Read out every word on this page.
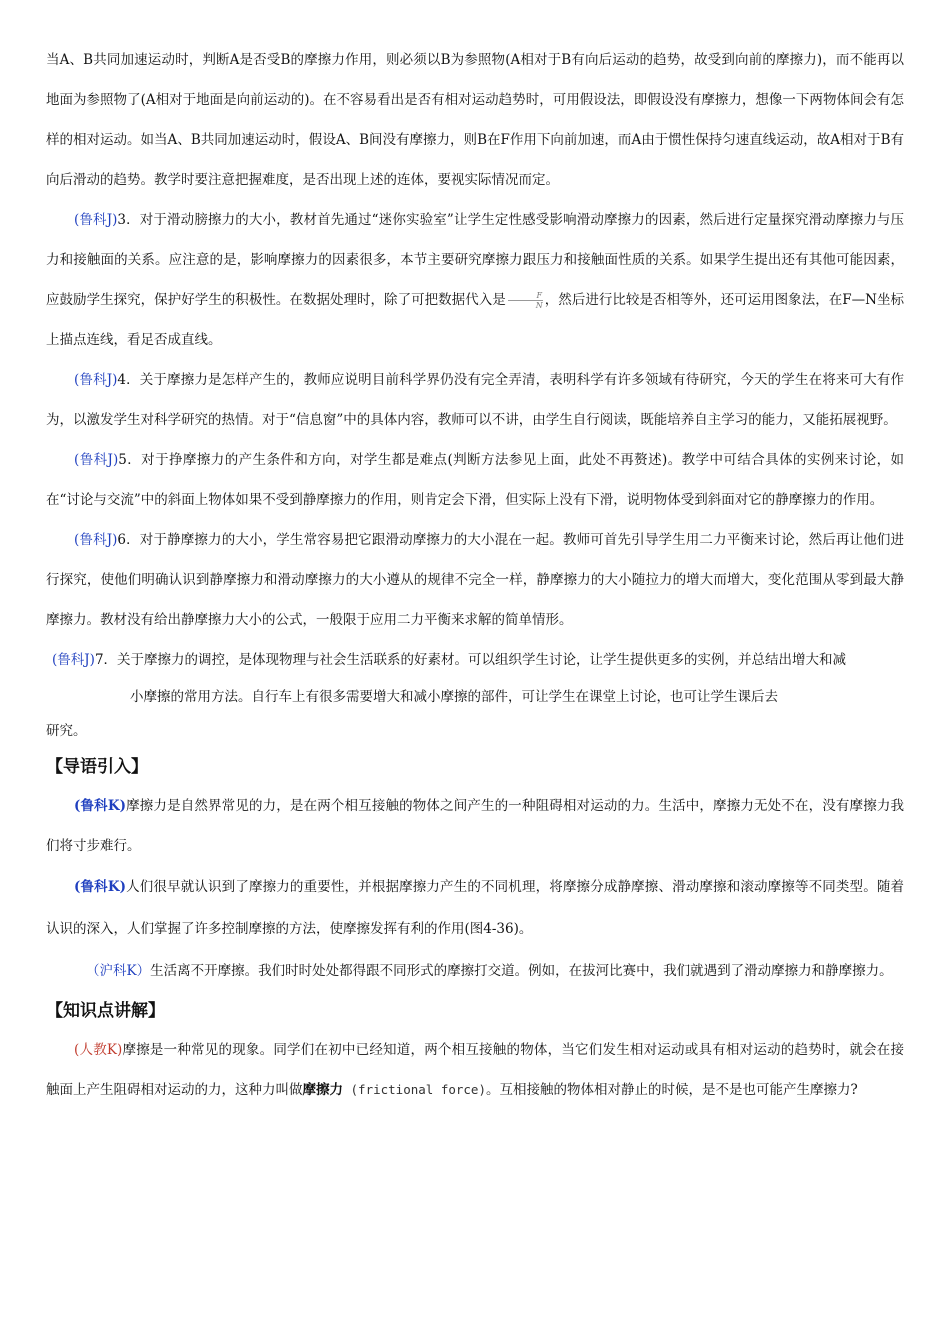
当A、B共同加速运动时，判断A是否受B的摩擦力作用，则必须以B为参照物(A相对于B有向后运动的趋势，故受到向前的摩擦力)，而不能再以地面为参照物了(A相对于地面是向前运动的)。在不容易看出是否有相对运动趋势时，可用假设法，即假设没有摩擦力，想像一下两物体间会有怎样的相对运动。如当A、B共同加速运动时，假设A、B间没有摩擦力，则B在F作用下向前加速，而A由于惯性保持匀速直线运动，故A相对于B有向后滑动的趋势。教学时要注意把握难度，是否出现上述的连体，要视实际情况而定。

(鲁科J)3．对于滑动膀擦力的大小，教材首先通过“迷你实验室”让学生定性感受影响滑动摩擦力的因素，然后进行定量探究滑动摩擦力与压力和接触面的关系。应注意的是，影响摩擦力的因素很多，本节主要研究摩擦力跟压力和接触面性质的关系。如果学生提出还有其他可能因素，应鼓励学生探究，保护好学生的积极性。在数据处理时，除了可把数据代入是 $\frac{F}{N}$ ，然后进行比较是否相等外，还可运用图象法，在F—N坐标上描点连线，看足否成直线。

(鲁科J)4．关于摩擦力是怎样产生的，教师应说明目前科学界仍没有完全弄清，表明科学有许多领域有待研究，今天的学生在将来可大有作为，以激发学生对科学研究的热情。对于“信息窗”中的具体内容，教师可以不讲，由学生自行阅读，既能培养自主学习的能力，又能拓展视野。

(鲁科J)5．对于挣摩擦力的产生条件和方向，对学生都是难点(判断方法参见上面，此处不再赘述)。教学中可结合具体的实例来讨论，如在“讨论与交流”中的斜面上物体如果不受到静摩擦力的作用，则肯定会下滑，但实际上没有下滑，说明物体受到斜面对它的静摩擦力的作用。

(鲁科J)6．对于静摩擦力的大小，学生常容易把它跟滑动摩擦力的大小混在一起。教师可首先引导学生用二力平衡来讨论，然后再让他们进行探究，使他们明确认识到静摩擦力和滑动摩擦力的大小遵从的规律不完全一样，静摩擦力的大小随拉力的增大而增大，变化范围从零到最大静摩擦力。教材没有给出静摩擦力大小的公式，一般限于应用二力平衡来求解的简单情形。

(鲁科J)7．关于摩擦力的调控，是体现物理与社会生活联系的好素材。可以组织学生讨论，让学生提供更多的实例，并总结出增大和减

小摩擦的常用方法。自行车上有很多需要增大和减小摩擦的部件，可让学生在课堂上讨论，也可让学生课后去

研究。

【导语引入】

(鲁科K)摩擦力是自然界常见的力，是在两个相互接触的物体之间产生的一种阻碍相对运动的力。生活中，摩擦力无处不在，没有摩擦力我们将寸步难行。

(鲁科K)人们很早就认识到了摩擦力的重要性，并根据摩擦力产生的不同机理，将摩擦分成静摩擦、滑动摩擦和滚动摩擦等不同类型。随着认识的深入，人们掌握了许多控制摩擦的方法，使摩擦发挥有利的作用(图4-36)。

（沪科K）生活离不开摩擦。我们时时处处都得跟不同形式的摩擦打交道。例如，在拔河比赛中，我们就遇到了滑动摩擦力和静摩擦力。

【知识点讲解】

(人教K)摩擦是一种常见的现象。同学们在初中已经知道，两个相互接触的物体，当它们发生相对运动或具有相对运动的趋势时，就会在接触面上产生阻碍相对运动的力，这种力叫做摩擦力 (frictional force)。互相接触的物体相对静止的时候，是不是也可能产生摩擦力?
